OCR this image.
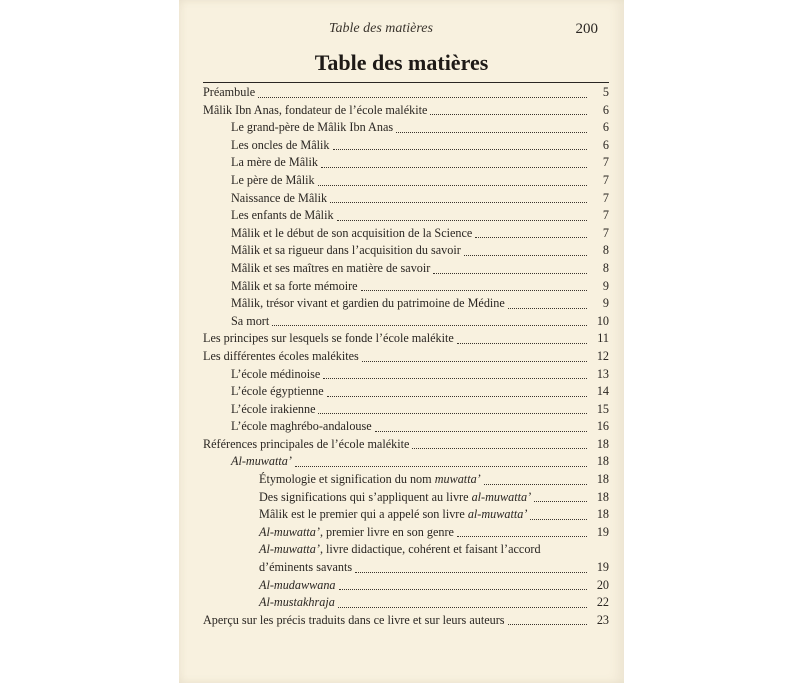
Table des matières	200
Table des matières
Préambule	5
Mâlik Ibn Anas, fondateur de l’école malékite	6
Le grand-père de Mâlik Ibn Anas	6
Les oncles de Mâlik	6
La mère de Mâlik	7
Le père de Mâlik	7
Naissance de Mâlik	7
Les enfants de Mâlik	7
Mâlik et le début de son acquisition de la Science	7
Mâlik et sa rigueur dans l’acquisition du savoir	8
Mâlik et ses maîtres en matière de savoir	8
Mâlik et sa forte mémoire	9
Mâlik, trésor vivant et gardien du patrimoine de Médine	9
Sa mort	10
Les principes sur lesquels se fonde l’école malékite	11
Les différentes écoles malékites	12
L’école médinoise	13
L’école égyptienne	14
L’école irakienne	15
L’école maghrébo-andalouse	16
Références principales de l’école malékite	18
Al-muwatta’	18
Étymologie et signification du nom muwatta’	18
Des significations qui s’appliquent au livre al-muwatta’	18
Mâlik est le premier qui a appelé son livre al-muwatta’	18
Al-muwatta’, premier livre en son genre	19
Al-muwatta’, livre didactique, cohérent et faisant l’accord
d’éminents savants	19
Al-mudawwana	20
Al-mustakhraja	22
Aperçu sur les précis traduits dans ce livre et sur leurs auteurs	23
